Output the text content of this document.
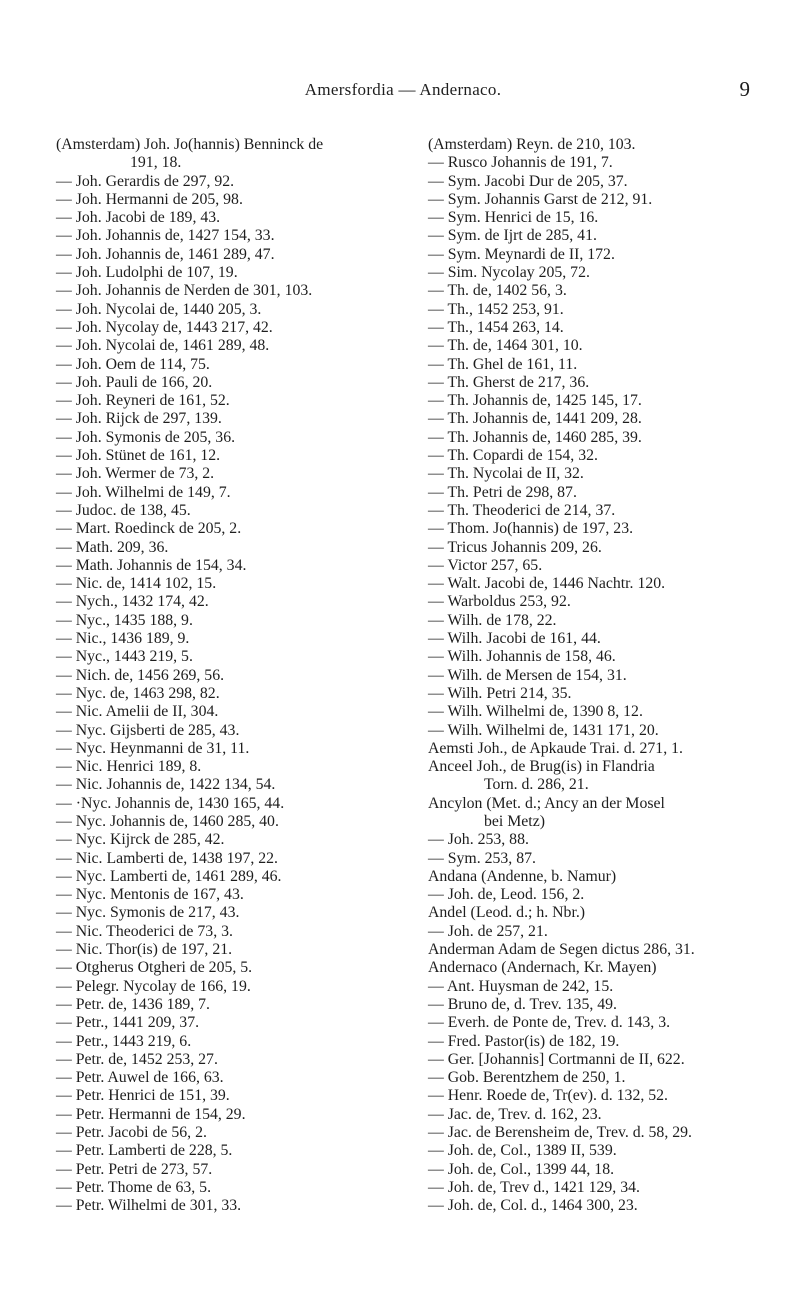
Amersfordia — Andernaco.	9
(Amsterdam) Joh. Jo(hannis) Benninck de
191, 18.
— Joh. Gerardis de 297, 92.
— Joh. Hermanni de 205, 98.
— Joh. Jacobi de 189, 43.
— Joh. Johannis de, 1427 154, 33.
— Joh. Johannis de, 1461 289, 47.
— Joh. Ludolphi de 107, 19.
— Joh. Johannis de Nerden de 301, 103.
— Joh. Nycolai de, 1440 205, 3.
— Joh. Nycolay de, 1443 217, 42.
— Joh. Nycolai de, 1461 289, 48.
— Joh. Oem de 114, 75.
— Joh. Pauli de 166, 20.
— Joh. Reyneri de 161, 52.
— Joh. Rijck de 297, 139.
— Joh. Symonis de 205, 36.
— Joh. Stünet de 161, 12.
— Joh. Wermer de 73, 2.
— Joh. Wilhelmi de 149, 7.
— Judoc. de 138, 45.
— Mart. Roedinck de 205, 2.
— Math. 209, 36.
— Math. Johannis de 154, 34.
— Nic. de, 1414 102, 15.
— Nych., 1432 174, 42.
— Nyc., 1435 188, 9.
— Nic., 1436 189, 9.
— Nyc., 1443 219, 5.
— Nich. de, 1456 269, 56.
— Nyc. de, 1463 298, 82.
— Nic. Amelii de II, 304.
— Nyc. Gijsberti de 285, 43.
— Nyc. Heynmanni de 31, 11.
— Nic. Henrici 189, 8.
— Nic. Johannis de, 1422 134, 54.
— ·Nyc. Johannis de, 1430 165, 44.
— Nyc. Johannis de, 1460 285, 40.
— Nyc. Kijrck de 285, 42.
— Nic. Lamberti de, 1438 197, 22.
— Nyc. Lamberti de, 1461 289, 46.
— Nyc. Mentonis de 167, 43.
— Nyc. Symonis de 217, 43.
— Nic. Theoderici de 73, 3.
— Nic. Thor(is) de 197, 21.
— Otgherus Otgheri de 205, 5.
— Pelegr. Nycolay de 166, 19.
— Petr. de, 1436 189, 7.
— Petr., 1441 209, 37.
— Petr., 1443 219, 6.
— Petr. de, 1452 253, 27.
— Petr. Auwel de 166, 63.
— Petr. Henrici de 151, 39.
— Petr. Hermanni de 154, 29.
— Petr. Jacobi de 56, 2.
— Petr. Lamberti de 228, 5.
— Petr. Petri de 273, 57.
— Petr. Thome de 63, 5.
— Petr. Wilhelmi de 301, 33.
(Amsterdam) Reyn. de 210, 103.
— Rusco Johannis de 191, 7.
— Sym. Jacobi Dur de 205, 37.
— Sym. Johannis Garst de 212, 91.
— Sym. Henrici de 15, 16.
— Sym. de Ijrt de 285, 41.
— Sym. Meynardi de II, 172.
— Sim. Nycolay 205, 72.
— Th. de, 1402 56, 3.
— Th., 1452 253, 91.
— Th., 1454 263, 14.
— Th. de, 1464 301, 10.
— Th. Ghel de 161, 11.
— Th. Gherst de 217, 36.
— Th. Johannis de, 1425 145, 17.
— Th. Johannis de, 1441 209, 28.
— Th. Johannis de, 1460 285, 39.
— Th. Copardi de 154, 32.
— Th. Nycolai de II, 32.
— Th. Petri de 298, 87.
— Th. Theoderici de 214, 37.
— Thom. Jo(hannis) de 197, 23.
— Tricus Johannis 209, 26.
— Victor 257, 65.
— Walt. Jacobi de, 1446 Nachtr. 120.
— Warboldus 253, 92.
— Wilh. de 178, 22.
— Wilh. Jacobi de 161, 44.
— Wilh. Johannis de 158, 46.
— Wilh. de Mersen de 154, 31.
— Wilh. Petri 214, 35.
— Wilh. Wilhelmi de, 1390 8, 12.
— Wilh. Wilhelmi de, 1431 171, 20.
Aemsti Joh., de Apkaude Trai. d. 271, 1.
Anceel Joh., de Brug(is) in Flandria
Torn. d. 286, 21.
Ancylon (Met. d.; Ancy an der Mosel
bei Metz)
— Joh. 253, 88.
— Sym. 253, 87.
Andana (Andenne, b. Namur)
— Joh. de, Leod. 156, 2.
Andel (Leod. d.; h. Nbr.)
— Joh. de 257, 21.
Anderman Adam de Segen dictus 286, 31.
Andernaco (Andernach, Kr. Mayen)
— Ant. Huysman de 242, 15.
— Bruno de, d. Trev. 135, 49.
— Everh. de Ponte de, Trev. d. 143, 3.
— Fred. Pastor(is) de 182, 19.
— Ger. [Johannis] Cortmanni de II, 622.
— Gob. Berentzhem de 250, 1.
— Henr. Roede de, Tr(ev). d. 132, 52.
— Jac. de, Trev. d. 162, 23.
— Jac. de Berensheim de, Trev. d. 58, 29.
— Joh. de, Col., 1389 II, 539.
— Joh. de, Col., 1399 44, 18.
— Joh. de, Trev d., 1421 129, 34.
— Joh. de, Col. d., 1464 300, 23.
